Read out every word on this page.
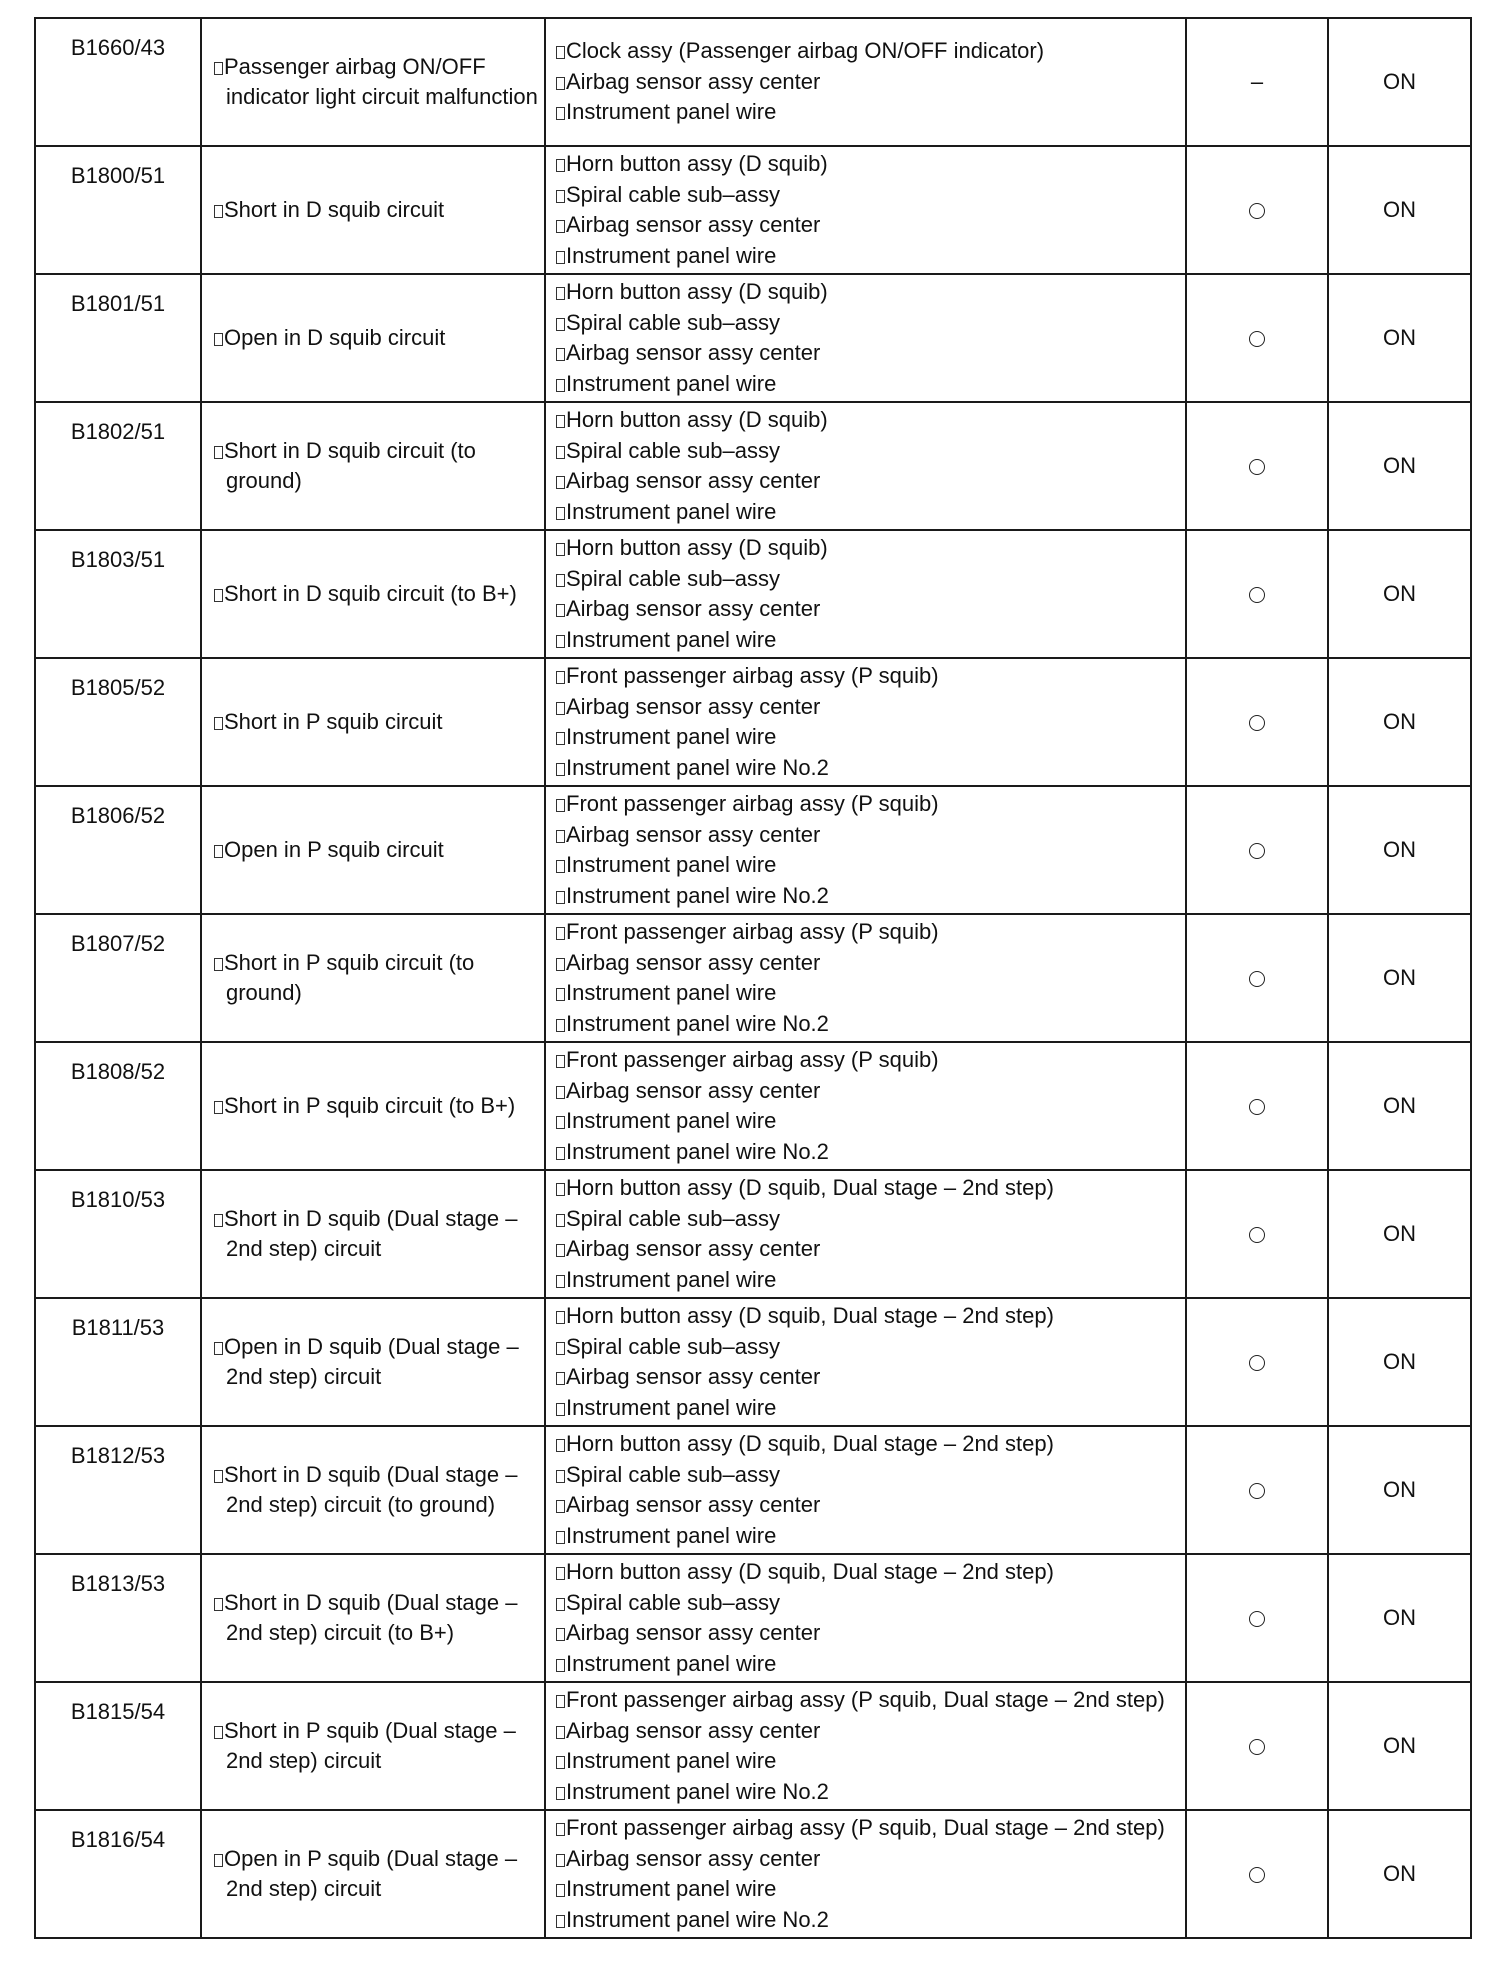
B1660/43	Passenger airbag ON/OFF indicator light circuit malfunction	Clock assy (Passenger airbag ON/OFF indicator)
Airbag sensor assy center
Instrument panel wire	–	ON
B1800/51	Short in D squib circuit	Horn button assy (D squib)
Spiral cable sub–assy
Airbag sensor assy center
Instrument panel wire		ON
B1801/51	Open in D squib circuit	Horn button assy (D squib)
Spiral cable sub–assy
Airbag sensor assy center
Instrument panel wire		ON
B1802/51	Short in D squib circuit (to ground)	Horn button assy (D squib)
Spiral cable sub–assy
Airbag sensor assy center
Instrument panel wire		ON
B1803/51	Short in D squib circuit (to B+)	Horn button assy (D squib)
Spiral cable sub–assy
Airbag sensor assy center
Instrument panel wire		ON
B1805/52	Short in P squib circuit	Front passenger airbag assy (P squib)
Airbag sensor assy center
Instrument panel wire
Instrument panel wire No.2		ON
B1806/52	Open in P squib circuit	Front passenger airbag assy (P squib)
Airbag sensor assy center
Instrument panel wire
Instrument panel wire No.2		ON
B1807/52	Short in P squib circuit (to ground)	Front passenger airbag assy (P squib)
Airbag sensor assy center
Instrument panel wire
Instrument panel wire No.2		ON
B1808/52	Short in P squib circuit (to B+)	Front passenger airbag assy (P squib)
Airbag sensor assy center
Instrument panel wire
Instrument panel wire No.2		ON
B1810/53	Short in D squib (Dual stage – 2nd step) circuit	Horn button assy (D squib, Dual stage – 2nd step)
Spiral cable sub–assy
Airbag sensor assy center
Instrument panel wire		ON
B1811/53	Open in D squib (Dual stage – 2nd step) circuit	Horn button assy (D squib, Dual stage – 2nd step)
Spiral cable sub–assy
Airbag sensor assy center
Instrument panel wire		ON
B1812/53	Short in D squib (Dual stage – 2nd step) circuit (to ground)	Horn button assy (D squib, Dual stage – 2nd step)
Spiral cable sub–assy
Airbag sensor assy center
Instrument panel wire		ON
B1813/53	Short in D squib (Dual stage – 2nd step) circuit (to B+)	Horn button assy (D squib, Dual stage – 2nd step)
Spiral cable sub–assy
Airbag sensor assy center
Instrument panel wire		ON
B1815/54	Short in P squib (Dual stage – 2nd step) circuit	Front passenger airbag assy (P squib, Dual stage – 2nd step)
Airbag sensor assy center
Instrument panel wire
Instrument panel wire No.2		ON
B1816/54	Open in P squib (Dual stage – 2nd step) circuit	Front passenger airbag assy (P squib, Dual stage – 2nd step)
Airbag sensor assy center
Instrument panel wire
Instrument panel wire No.2		ON
